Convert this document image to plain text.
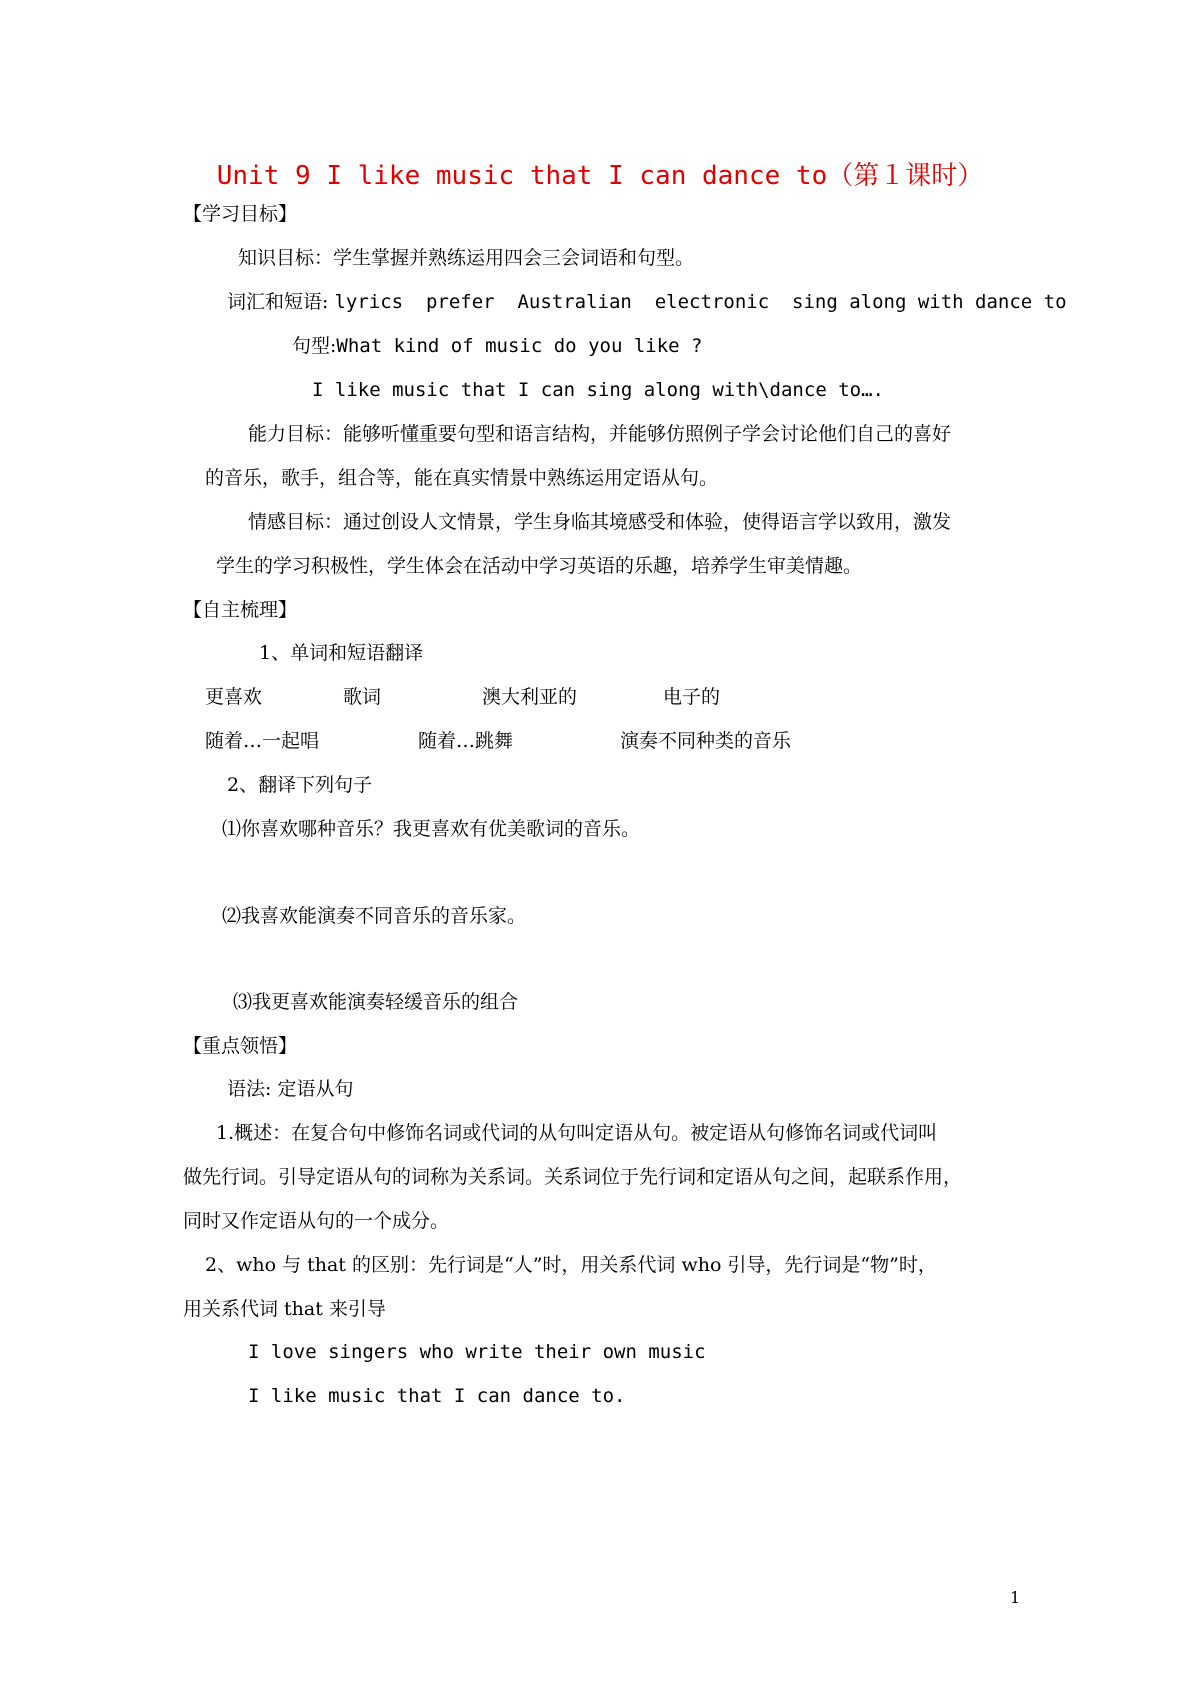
Unit 9 I like music that I can dance to（第１课时）
【学习目标】
知识目标：学生掌握并熟练运用四会三会词语和句型。
词汇和短语: lyrics  prefer  Australian  electronic  sing along with dance to
句型:What kind of music do you like ?
I like music that I can sing along with\dance to….
能力目标：能够听懂重要句型和语言结构，并能够仿照例子学会讨论他们自己的喜好
的音乐，歌手，组合等，能在真实情景中熟练运用定语从句。
情感目标：通过创设人文情景，学生身临其境感受和体验，使得语言学以致用，激发
学生的学习积极性，学生体会在活动中学习英语的乐趣，培养学生审美情趣。
【自主梳理】
1、单词和短语翻译
更喜欢	歌词	澳大利亚的	电子的
随着…一起唱	随着…跳舞	演奏不同种类的音乐
2、翻译下列句子
⑴你喜欢哪种音乐？我更喜欢有优美歌词的音乐。
⑵我喜欢能演奏不同音乐的音乐家。
⑶我更喜欢能演奏轻缓音乐的组合
【重点领悟】
语法: 定语从句
1.概述：在复合句中修饰名词或代词的从句叫定语从句。被定语从句修饰名词或代词叫
做先行词。引导定语从句的词称为关系词。关系词位于先行词和定语从句之间，起联系作用，
同时又作定语从句的一个成分。
2、who 与 that 的区别：先行词是“人”时，用关系代词 who 引导，先行词是“物”时，
用关系代词 that 来引导
I love singers who write their own music
I like music that I can dance to.
1
